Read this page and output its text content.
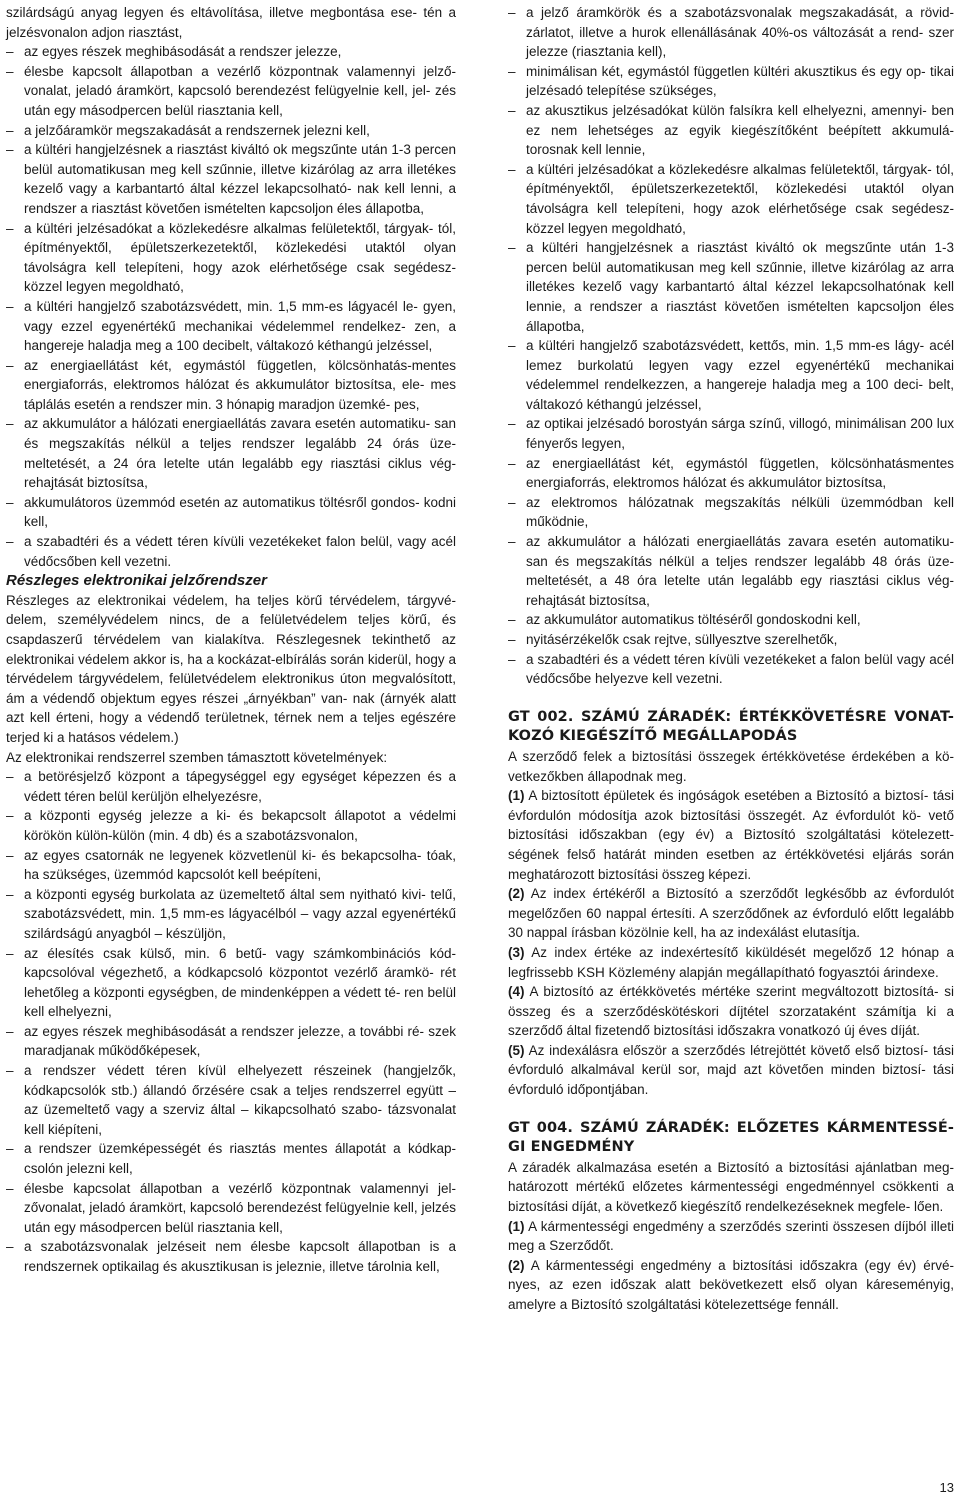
szilárdságú anyag legyen és eltávolítása, illetve megbontása ese- tén a jelzésvonalon adjon riasztást,

– az egyes részek meghibásodását a rendszer jelezze,

– élesbe kapcsolt állapotban a vezérlő központnak valamennyi jelző- vonalat, jeladó áramkört, kapcsoló berendezést felügyelnie kell, jel- zés után egy másodpercen belül riasztania kell,

– a jelzőáramkör megszakadását a rendszernek jelezni kell,

– a kültéri hangjelzésnek a riasztást kiváltó ok megszűnte után 1-3 percen belül automatikusan meg kell szűnnie, illetve kizárólag az arra illetékes kezelő vagy a karbantartó által kézzel lekapcsolható- nak kell lenni, a rendszer a riasztást követően ismételten kapcsoljon éles állapotba,

– a kültéri jelzésadókat a közlekedésre alkalmas felületektől, tárgyak- tól, építményektől, épületszerkezetektől, közlekedési utaktól olyan távolságra kell telepíteni, hogy azok elérhetősége csak segédesz- közzel legyen megoldható,

– a kültéri hangjelző szabotázsvédett, min. 1,5 mm-es lágyacél le- gyen, vagy ezzel egyenértékű mechanikai védelemmel rendelkez- zen, a hangereje haladja meg a 100 decibelt, váltakozó kéthangú jelzéssel,

– az energiaellátást két, egymástól független, kölcsönhatás-mentes energiaforrás, elektromos hálózat és akkumulátor biztosítsa, ele- mes táplálás esetén a rendszer min. 3 hónapig maradjon üzemké- pes,

– az akkumulátor a hálózati energiaellátás zavara esetén automatiku- san és megszakítás nélkül a teljes rendszer legalább 24 órás üze- meltetését, a 24 óra letelte után legalább egy riasztási ciklus vég- rehajtását biztosítsa,

– akkumulátoros üzemmód esetén az automatikus töltésről gondos- kodni kell,

– a szabadtéri és a védett téren kívüli vezetékeket falon belül, vagy acél védőcsőben kell vezetni.

Részleges elektronikai jelzőrendszer

Részleges az elektronikai védelem, ha teljes körű térvédelem, tárgyvé- delem, személyvédelem nincs, de a felületvédelem teljes körű, és csapdaszerű térvédelem van kialakítva. Részlegesnek tekinthető az elektronikai védelem akkor is, ha a kockázat-elbírálás során kiderül, hogy a térvédelem tárgyvédelem, felületvédelem elektronikus úton megvalósított, ám a védendő objektum egyes részei „árnyékban” van- nak (árnyék alatt azt kell érteni, hogy a védendő területnek, térnek nem a teljes egészére terjed ki a hatásos védelem.)

Az elektronikai rendszerrel szemben támasztott követelmények:

– a betörésjelző központ a tápegységgel egy egységet képezzen és a védett téren belül kerüljön elhelyezésre,

– a központi egység jelezze a ki- és bekapcsolt állapotot a védelmi körökön külön-külön (min. 4 db) és a szabotázsvonalon,

– az egyes csatornák ne legyenek közvetlenül ki- és bekapcsolha- tóak, ha szükséges, üzemmód kapcsolót kell beépíteni,

– a központi egység burkolata az üzemeltető által sem nyitható kivi- telű, szabotázsvédett, min. 1,5 mm-es lágyacélból – vagy azzal egyenértékű szilárdságú anyagból – készüljön,

– az élesítés csak külső, min. 6 betű- vagy számkombinációs kód- kapcsolóval végezhető, a kódkapcsoló központot vezérlő áramkö- rét lehetőleg a központi egységben, de mindenképpen a védett té- ren belül kell elhelyezni,

– az egyes részek meghibásodását a rendszer jelezze, a további ré- szek maradjanak működőképesek,

– a rendszer védett téren kívül elhelyezett részeinek (hangjelzők, kódkapcsolók stb.) állandó őrzésére csak a teljes rendszerrel együtt – az üzemeltető vagy a szerviz által – kikapcsolható szabo- tázsvonalat kell kiépíteni,

– a rendszer üzemképességét és riasztás mentes állapotát a kódkap- csolón jelezni kell,

– élesbe kapcsolat állapotban a vezérlő központnak valamennyi jel- zővonalat, jeladó áramkört, kapcsoló berendezést felügyelnie kell, jelzés után egy másodpercen belül riasztania kell,

– a szabotázsvonalak jelzéseit nem élesbe kapcsolt állapotban is a rendszernek optikailag és akusztikusan is jeleznie, illetve tárolnia kell,

– a jelző áramkörök és a szabotázsvonalak megszakadását, a rövid- zárlatot, illetve a hurok ellenállásának 40%-os változását a rend- szer jelezze (riasztania kell),

– minimálisan két, egymástól független kültéri akusztikus és egy op- tikai jelzésadó telepítése szükséges,

– az akusztikus jelzésadókat külön falsíkra kell elhelyezni, amennyi- ben ez nem lehetséges az egyik kiegészítőként beépített akkumulá- torosnak kell lennie,

– a kültéri jelzésadókat a közlekedésre alkalmas felületektől, tárgyak- tól, építményektől, épületszerkezetektől, közlekedési utaktól olyan távolságra kell telepíteni, hogy azok elérhetősége csak segédesz- közzel legyen megoldható,

– a kültéri hangjelzésnek a riasztást kiváltó ok megszűnte után 1-3 percen belül automatikusan meg kell szűnnie, illetve kizárólag az arra illetékes kezelő vagy karbantartó által kézzel lekapcsolhatónak kell lennie, a rendszer a riasztást követően ismételten kapcsoljon éles állapotba,

– a kültéri hangjelző szabotázsvédett, kettős, min. 1,5 mm-es lágy- acél lemez burkolatú legyen vagy ezzel egyenértékű mechanikai védelemmel rendelkezzen, a hangereje haladja meg a 100 deci- belt, váltakozó kéthangú jelzéssel,

– az optikai jelzésadó borostyán sárga színű, villogó, minimálisan 200 lux fényerős legyen,

– az energiaellátást két, egymástól független, kölcsönhatásmentes energiaforrás, elektromos hálózat és akkumulátor biztosítsa,

– az elektromos hálózatnak megszakítás nélküli üzemmódban kell működnie,

– az akkumulátor a hálózati energiaellátás zavara esetén automatiku- san és megszakítás nélkül a teljes rendszer legalább 48 órás üze- meltetését, a 48 óra letelte után legalább egy riasztási ciklus vég- rehajtását biztosítsa,

– az akkumulátor automatikus töltéséről gondoskodni kell,

– nyitásérzékelők csak rejtve, süllyesztve szerelhetők,

– a szabadtéri és a védett téren kívüli vezetékeket a falon belül vagy acél védőcsőbe helyezve kell vezetni.

GT 002. SZÁMÚ ZÁRADÉK: ÉRTÉKKÖVETÉSRE VONAT- KOZÓ KIEGÉSZÍTŐ MEGÁLLAPODÁS

A szerződő felek a biztosítási összegek értékkövetése érdekében a kö- vetkezőkben állapodnak meg.

(1) A biztosított épületek és ingóságok esetében a Biztosító a biztosí- tási évfordulón módosítja azok biztosítási összegét. Az évfordulót kö- vető biztosítási időszakban (egy év) a Biztosító szolgáltatási kötelezett- ségének felső határát minden esetben az értékkövetési eljárás során meghatározott biztosítási összeg képezi.

(2) Az index értékéről a Biztosító a szerződőt legkésőbb az évfordulót megelőzően 60 nappal értesíti. A szerződőnek az évforduló előtt legalább 30 nappal írásban közölnie kell, ha az indexálást elutasítja.

(3) Az index értéke az indexértesítő kiküldését megelőző 12 hónap a legfrissebb KSH Közlemény alapján megállapítható fogyasztói árindexe.

(4) A biztosító az értékkövetés mértéke szerint megváltozott biztosítá- si összeg és a szerződéskötéskori díjtétel szorzataként számítja ki a szerződő által fizetendő biztosítási időszakra vonatkozó új éves díját.

(5) Az indexálásra először a szerződés létrejöttét követő első biztosí- tási évforduló alkalmával kerül sor, majd azt követően minden biztosí- tási évforduló időpontjában.

GT 004. SZÁMÚ ZÁRADÉK: ELŐZETES KÁRMENTESSÉ- GI ENGEDMÉNY

A záradék alkalmazása esetén a Biztosító a biztosítási ajánlatban meg- határozott mértékű előzetes kármentességi engedménnyel csökkenti a biztosítási díját, a következő kiegészítő rendelkezéseknek megfele- lően.

(1) A kármentességi engedmény a szerződés szerinti összesen díjból illeti meg a Szerződőt.

(2) A kármentességi engedmény a biztosítási időszakra (egy év) érvé- nyes, az ezen időszak alatt bekövetkezett első olyan káreseményig, amelyre a Biztosító szolgáltatási kötelezettsége fennáll.

13
